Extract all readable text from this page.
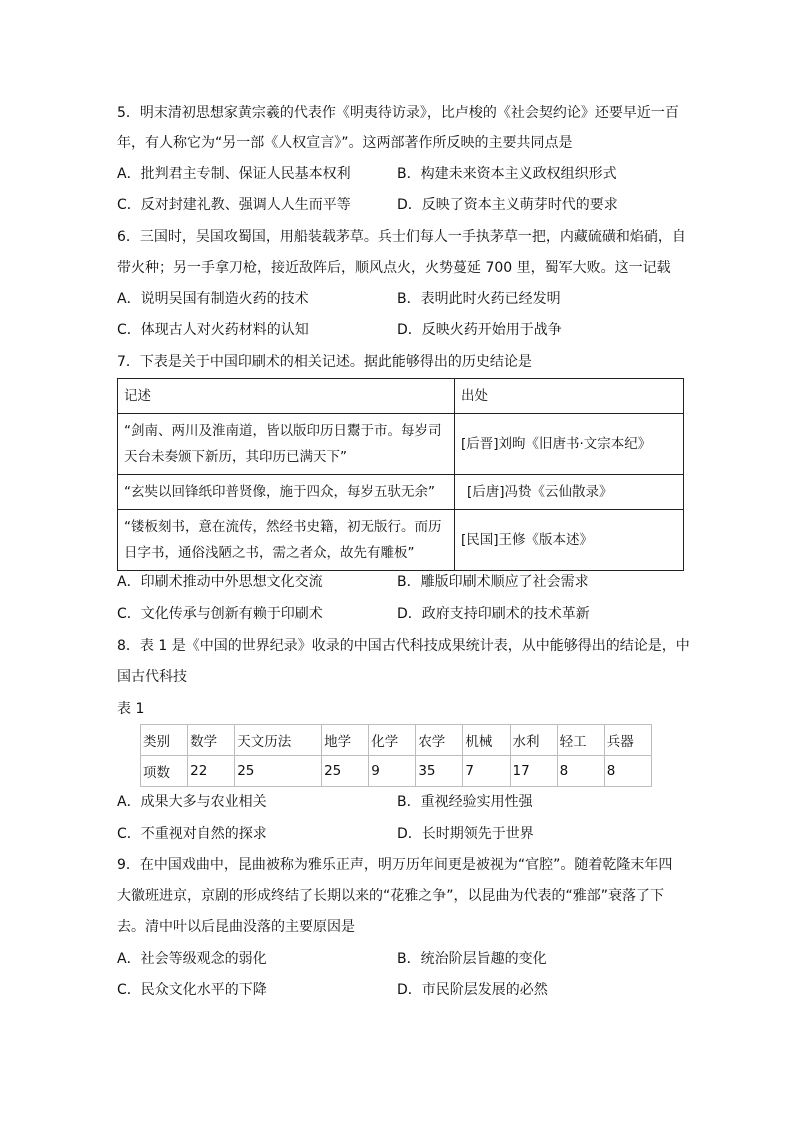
5．明末清初思想家黄宗羲的代表作《明夷待访录》，比卢梭的《社会契约论》还要早近一百
年，有人称它为“另一部《人权宣言》”。这两部著作所反映的主要共同点是
A．批判君主专制、保证人民基本权利	B．构建未来资本主义政权组织形式
C．反对封建礼教、强调人人生而平等	D．反映了资本主义萌芽时代的要求
6．三国时，吴国攻蜀国，用船装载茅草。兵士们每人一手执茅草一把，内藏硫磺和焰硝，自
带火种；另一手拿刀枪，接近敌阵后，顺风点火，火势蔓延 700 里，蜀军大败。这一记载
A．说明吴国有制造火药的技术	B．表明此时火药已经发明
C．体现古人对火药材料的认知	D．反映火药开始用于战争
7．下表是关于中国印刷术的相关记述。据此能够得出的历史结论是
记述	出处

“剑南、两川及淮南道，皆以版印历日鬻于市。每岁司
天台未奏颁下新历，其印历已满天下”	[后晋]刘昫《旧唐书·文宗本纪》

“玄奘以回锋纸印普贤像，施于四众，每岁五驮无余”	[后唐]冯贽《云仙散录》

“镂板刻书，意在流传，然经书史籍，初无版行。而历
日字书，通俗浅陋之书，需之者众，故先有雕板”	[民国]王修《版本述》
A．印刷术推动中外思想文化交流	B．雕版印刷术顺应了社会需求
C．文化传承与创新有赖于印刷术	D．政府支持印刷术的技术革新
8．表 1 是《中国的世界纪录》收录的中国古代科技成果统计表，从中能够得出的结论是，中
国古代科技
表 1
类别	数学	天文历法	地学	化学	农学	机械	水利	轻工	兵器
项数	22	25	25	9	35	7	17	8	8
A．成果大多与农业相关	B．重视经验实用性强
C．不重视对自然的探求	D．长时期领先于世界
9．在中国戏曲中，昆曲被称为雅乐正声，明万历年间更是被视为“官腔”。随着乾隆末年四
大徽班进京，京剧的形成终结了长期以来的“花雅之争”，以昆曲为代表的“雅部”衰落了下
去。清中叶以后昆曲没落的主要原因是
A．社会等级观念的弱化	B．统治阶层旨趣的变化
C．民众文化水平的下降	D．市民阶层发展的必然
